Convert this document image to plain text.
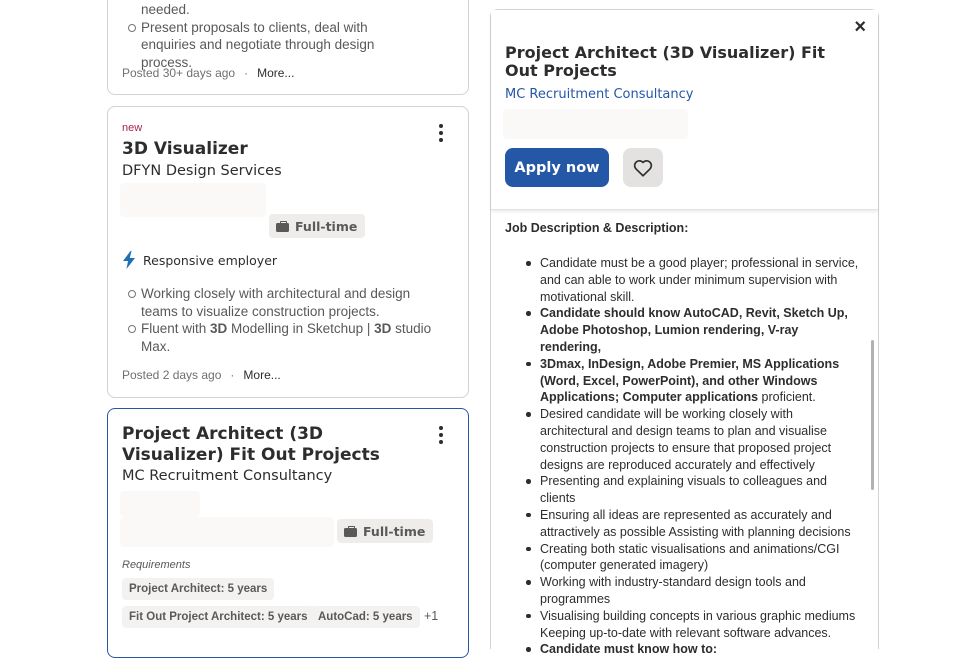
needed.
Present proposals to clients, deal with enquiries and negotiate through design process.
Posted 30+ days ago · More...
new
3D Visualizer
DFYN Design Services
Full-time
Responsive employer
Working closely with architectural and design teams to visualize construction projects.
Fluent with 3D Modelling in Sketchup | 3D studio Max.
Posted 2 days ago · More...
Project Architect (3D Visualizer) Fit Out Projects
MC Recruitment Consultancy
Full-time
Requirements
Project Architect: 5 years
Fit Out Project Architect: 5 years AutoCad: 5 years +1
×
Project Architect (3D Visualizer) Fit Out Projects
MC Recruitment Consultancy
Apply now
Job Description & Description:
Candidate must be a good player; professional in service, and can able to work under minimum supervision with motivational skill.
Candidate should know AutoCAD, Revit, Sketch Up, Adobe Photoshop, Lumion rendering, V-ray rendering,
3Dmax, InDesign, Adobe Premier, MS Applications (Word, Excel, PowerPoint), and other Windows Applications; Computer applications proficient.
Desired candidate will be working closely with architectural and design teams to plan and visualise construction projects to ensure that proposed project designs are reproduced accurately and effectively
Presenting and explaining visuals to colleagues and clients
Ensuring all ideas are represented as accurately and attractively as possible Assisting with planning decisions
Creating both static visualisations and animations/CGI (computer generated imagery)
Working with industry-standard design tools and programmes
Visualising building concepts in various graphic mediums Keeping up-to-date with relevant software advances.
Candidate must know how to:
